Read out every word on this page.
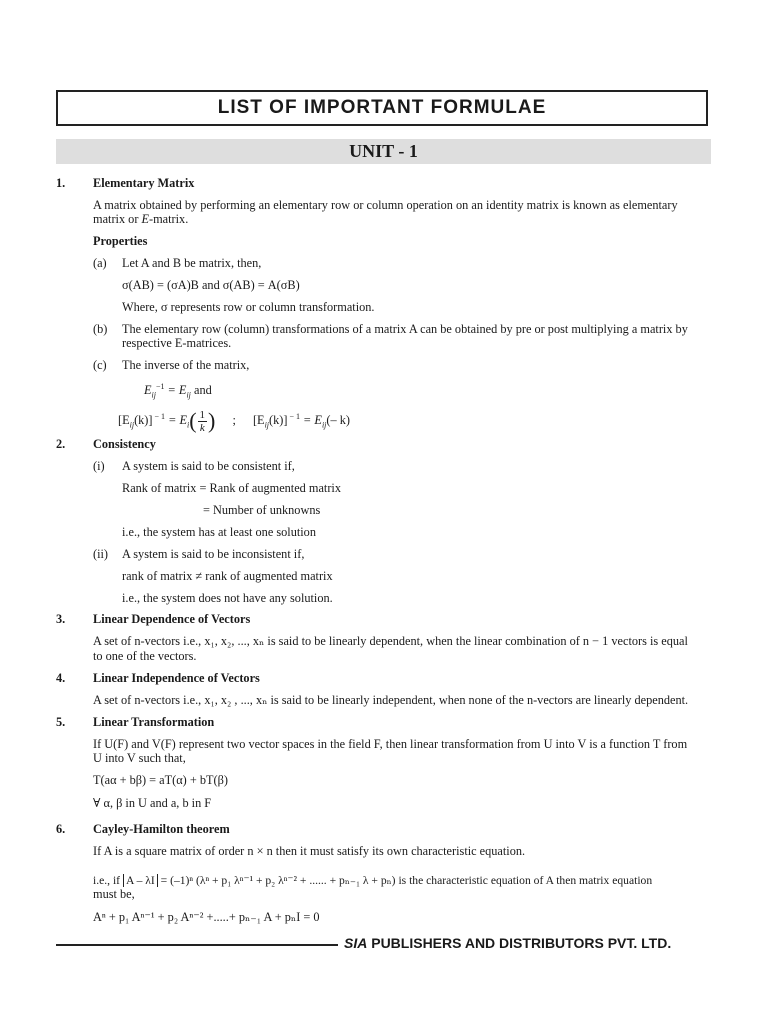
LIST OF IMPORTANT FORMULAE
UNIT - 1
1. Elementary Matrix
A matrix obtained by performing an elementary row or column operation on an identity matrix is known as elementary
matrix or E-matrix.
Properties
(a) Let A and B be matrix, then,
σ(AB) = (σA)B and σ(AB) = A(σB)
Where, σ represents row or column transformation.
(b) The elementary row (column) transformations of a matrix A can be obtained by pre or post multiplying a matrix by
respective E-matrices.
(c) The inverse of the matrix,
$E_{ij}^{-1} = E_{ij}$ and
$[E_{ij}(k)] ^{- 1} = E_i( \frac{1}{k}$ ) ; $[E_{ij}(k)] ^{- 1} = E_{ij}(-$ k)
2. Consistency
(i) A system is said to be consistent if,
Rank of matrix = Rank of augmented matrix
= Number of unknowns
i.e., the system has at least one solution
(ii) A system is said to be inconsistent if,
rank of matrix ≠ rank of augmented matrix
i.e., the system does not have any solution.
3. Linear Dependence of Vectors
A set of n-vectors i.e., x₁, x₂, ..., xₙ is said to be linearly dependent, when the linear combination of n − 1 vectors is equal
to one of the vectors.
4. Linear Independence of Vectors
A set of n-vectors i.e., x₁, x₂ , ..., xₙ is said to be linearly independent, when none of the n-vectors are linearly dependent.
5. Linear Transformation
If U(F) and V(F) represent two vector spaces in the field F, then linear transformation from U into V is a function T from
U into V such that,
T(aα + bβ) = aT(α) + bT(β)
∀ α, β in U and a, b in F
6. Cayley-Hamilton theorem
If A is a square matrix of order n × n then it must satisfy its own characteristic equation.
i.e., if A – λI = (–1)ⁿ (λⁿ + p₁ λⁿ⁻¹ + p₂ λⁿ⁻² + ...... + pₙ₋₁ λ + pₙ) is the characteristic equation of A then matrix equation
must be,
Aⁿ + p₁ Aⁿ⁻¹ + p₂ Aⁿ⁻² +.....+ pₙ₋₁ A + pₙI = 0
SIA PUBLISHERS AND DISTRIBUTORS PVT. LTD.
